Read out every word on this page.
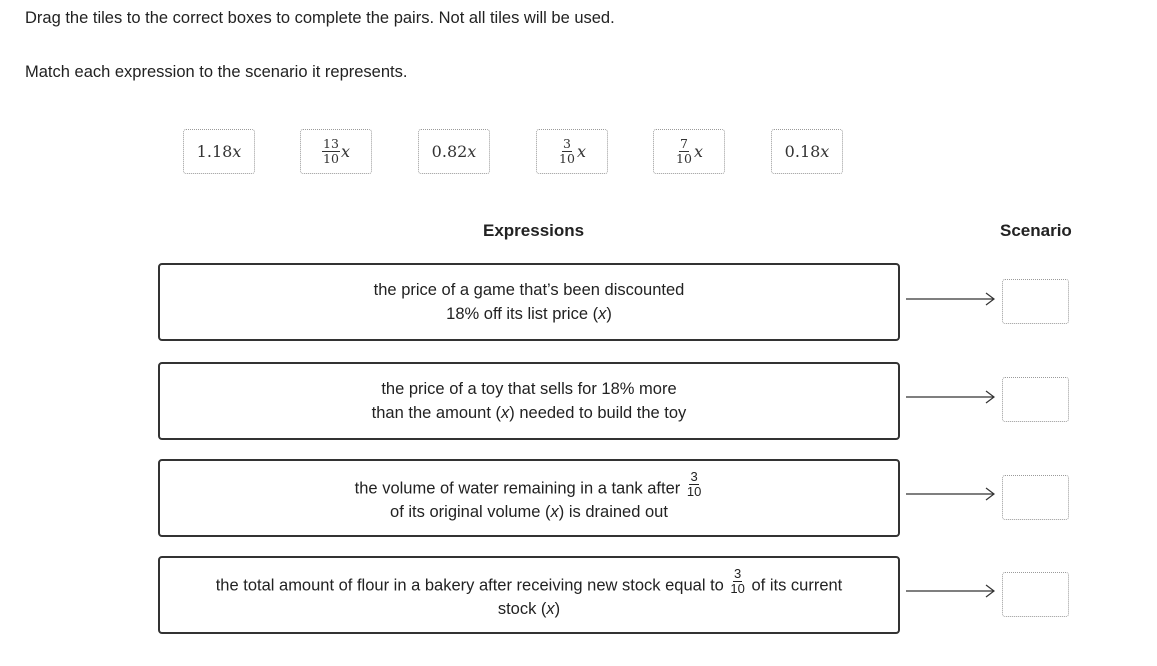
Drag the tiles to the correct boxes to complete the pairs. Not all tiles will be used.
Match each expression to the scenario it represents.
1.18 x	$\frac{13}{10}$ x	0.82 x	$\frac{3}{10}$ x	$\frac{7}{10}$ x	0.18 x
Expressions	Scenario
the price of a game that’s been discounted
18% off its list price (x)
the price of a toy that sells for 18% more
than the amount (x) needed to build the toy
the volume of water remaining in a tank after $\frac{3}{10}$

of its original volume (x) is drained out
the total amount of flour in a bakery after receiving new stock equal to $\frac{3}{10}$ of its current
stock (x)
